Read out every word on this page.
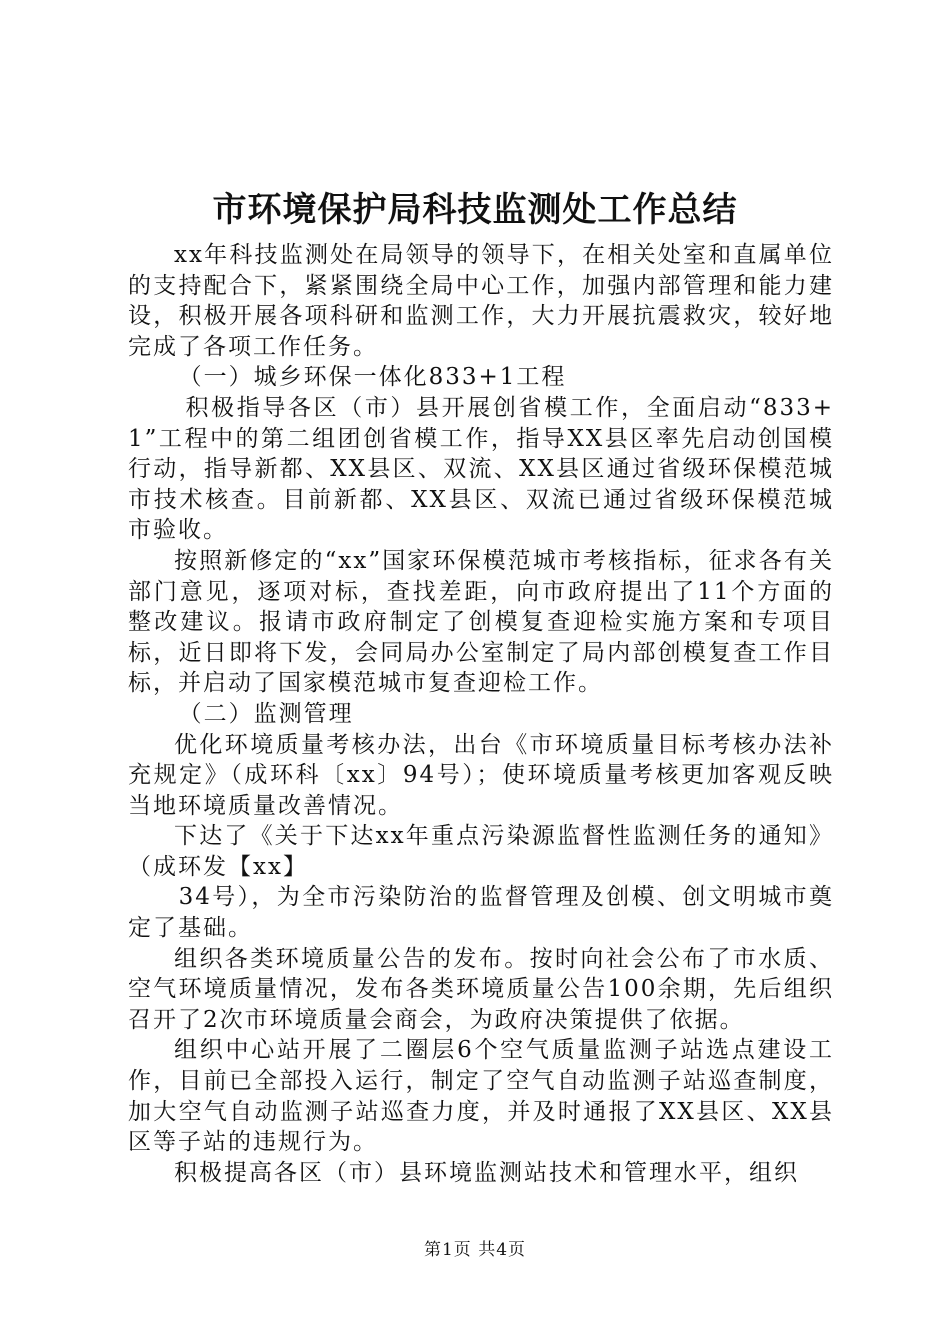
市环境保护局科技监测处工作总结

xx年科技监测处在局领导的领导下，在相关处室和直属单位的支持配合下，紧紧围绕全局中心工作，加强内部管理和能力建设，积极开展各项科研和监测工作，大力开展抗震救灾，较好地完成了各项工作任务。

（一）城乡环保一体化833+1工程

积极指导各区（市）县开展创省模工作，全面启动“833+1”工程中的第二组团创省模工作，指导XX县区率先启动创国模行动，指导新都、XX县区、双流、XX县区通过省级环保模范城市技术核查。目前新都、XX县区、双流已通过省级环保模范城市验收。

按照新修定的“xx”国家环保模范城市考核指标，征求各有关部门意见，逐项对标，查找差距，向市政府提出了11个方面的整改建议。报请市政府制定了创模复查迎检实施方案和专项目标，近日即将下发，会同局办公室制定了局内部创模复查工作目标，并启动了国家模范城市复查迎检工作。

（二）监测管理

优化环境质量考核办法，出台《市环境质量目标考核办法补充规定》（成环科〔xx〕94号）；使环境质量考核更加客观反映当地环境质量改善情况。

下达了《关于下达xx年重点污染源监督性监测任务的通知》（成环发【xx】

34号），为全市污染防治的监督管理及创模、创文明城市奠定了基础。

组织各类环境质量公告的发布。按时向社会公布了市水质、空气环境质量情况，发布各类环境质量公告100余期，先后组织召开了2次市环境质量会商会，为政府决策提供了依据。

组织中心站开展了二圈层6个空气质量监测子站选点建设工作，目前已全部投入运行，制定了空气自动监测子站巡查制度，加大空气自动监测子站巡查力度，并及时通报了XX县区、XX县区等子站的违规行为。

积极提高各区（市）县环境监测站技术和管理水平，组织

第1页 共4页
